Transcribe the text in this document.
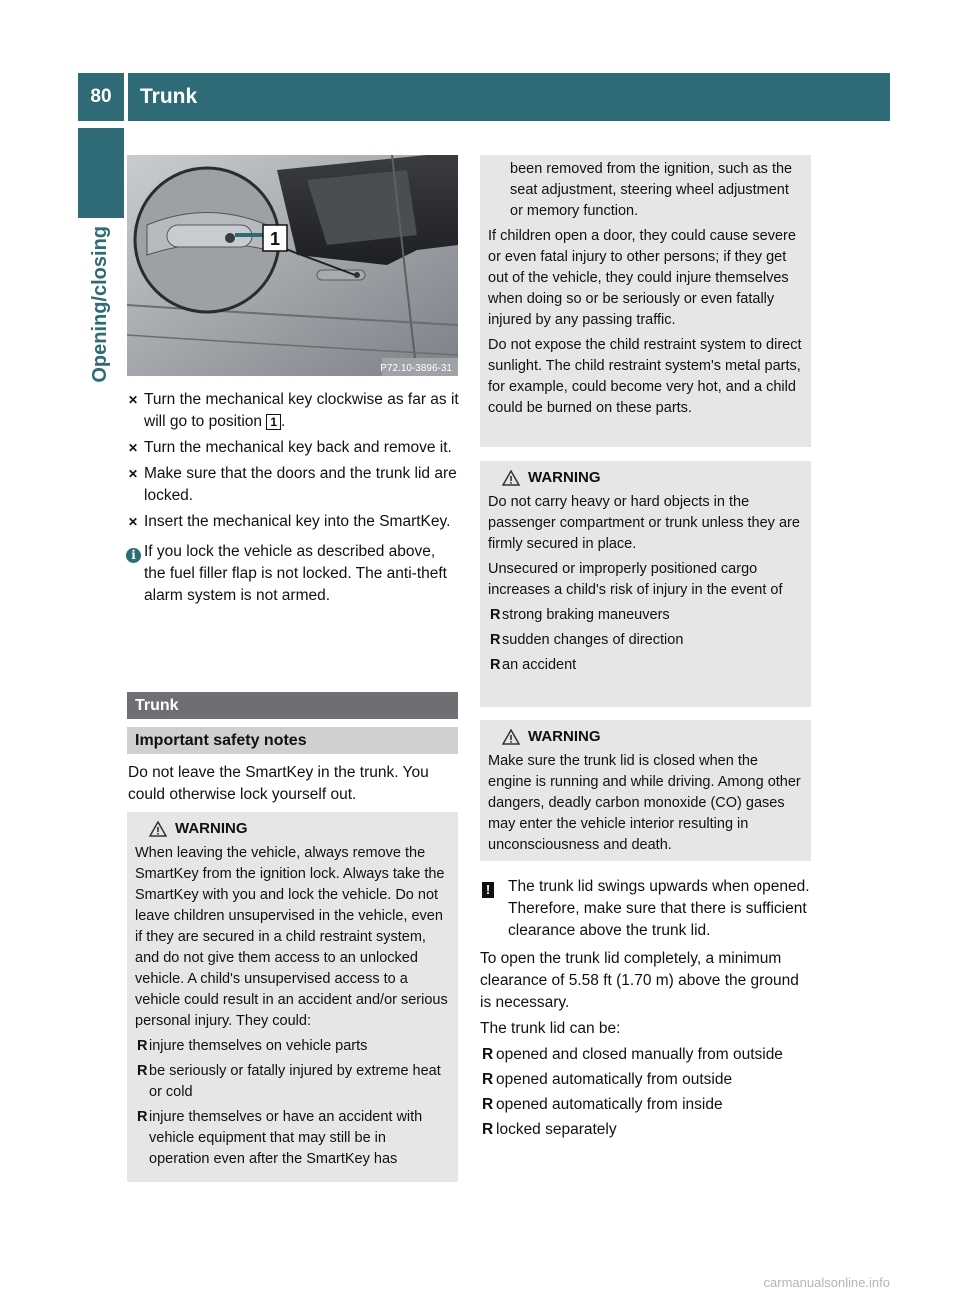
80	Trunk
Opening/closing	1
P72.10-3896-31

✕ Turn the mechanical key clockwise as far as it will go to position 1 .

✕ Turn the mechanical key back and remove it.

✕ Make sure that the doors and the trunk lid are locked.

✕ Insert the mechanical key into the SmartKey.

i If you lock the vehicle as described above, the fuel filler flap is not locked. The anti-theft alarm system is not armed.

Trunk
Important safety notes
Do not leave the SmartKey in the trunk. You could otherwise lock yourself out.
WARNING

When leaving the vehicle, always remove the SmartKey from the ignition lock. Always take the SmartKey with you and lock the vehicle. Do not leave children unsupervised in the vehicle, even if they are secured in a child restraint system, and do not give them access to an unlocked vehicle. A child's unsupervised access to a vehicle could result in an accident and/or serious personal injury. They could:

R injure themselves on vehicle parts

R be seriously or fatally injured by extreme heat or cold

R injure themselves or have an accident with vehicle equipment that may still be in operation even after the SmartKey has

been removed from the ignition, such as the seat adjustment, steering wheel adjustment or memory function.

If children open a door, they could cause severe or even fatal injury to other persons; if they get out of the vehicle, they could injure themselves when doing so or be seriously or even fatally injured by any passing traffic.

Do not expose the child restraint system to direct sunlight. The child restraint system's metal parts, for example, could become very hot, and a child could be burned on these parts.

WARNING

Do not carry heavy or hard objects in the passenger compartment or trunk unless they are firmly secured in place.

Unsecured or improperly positioned cargo increases a child's risk of injury in the event of

R strong braking maneuvers

R sudden changes of direction

R an accident

WARNING

Make sure the trunk lid is closed when the engine is running and while driving. Among other dangers, deadly carbon monoxide (CO) gases may enter the vehicle interior resulting in unconsciousness and death.

! The trunk lid swings upwards when opened. Therefore, make sure that there is sufficient clearance above the trunk lid.

To open the trunk lid completely, a minimum clearance of 5.58 ft (1.70 m) above the ground is necessary.

The trunk lid can be:

R opened and closed manually from outside

R opened automatically from outside

R opened automatically from inside

R locked separately

carmanualsonline.info
